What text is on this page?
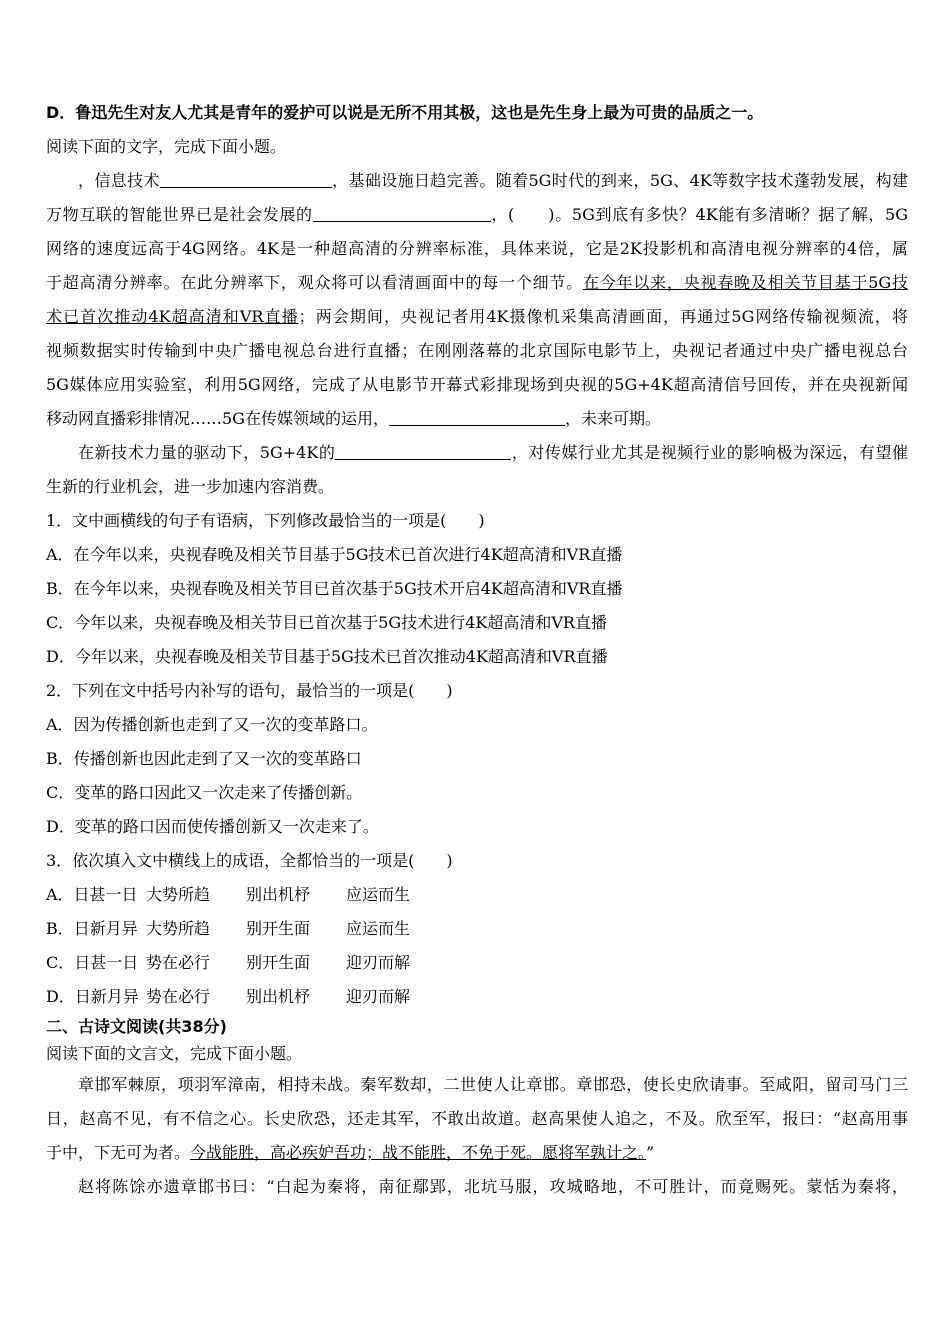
D．鲁迅先生对友人尤其是青年的爱护可以说是无所不用其极，这也是先生身上最为可贵的品质之一。
阅读下面的文字，完成下面小题。
，信息技术	，基础设施日趋完善。随着5G时代的到来，5G、4K等数字技术蓬勃发展，构建
万物互联的智能世界已是社会发展的	，(　　)。5G到底有多快？4K能有多清晰？据了解，5G
网络的速度远高于4G网络。4K是一种超高清的分辨率标准，具体来说，它是2K投影机和高清电视分辨率的4倍，属
于超高清分辨率。在此分辨率下，观众将可以看清画面中的每一个细节。在今年以来，央视春晚及相关节目基于5G技
术已首次推动4K超高清和VR直播；两会期间，央视记者用4K摄像机采集高清画面，再通过5G网络传输视频流，将
视频数据实时传输到中央广播电视总台进行直播；在刚刚落幕的北京国际电影节上，央视记者通过中央广播电视总台
5G媒体应用实验室，利用5G网络，完成了从电影节开幕式彩排现场到央视的5G+4K超高清信号回传，并在央视新闻
移动网直播彩排情况……5G在传媒领域的运用，	，未来可期。
在新技术力量的驱动下，5G+4K的	，对传媒行业尤其是视频行业的影响极为深远，有望催
生新的行业机会，进一步加速内容消费。
1．文中画横线的句子有语病，下列修改最恰当的一项是(　　)
A．在今年以来，央视春晚及相关节目基于5G技术已首次进行4K超高清和VR直播
B．在今年以来，央视春晚及相关节目已首次基于5G技术开启4K超高清和VR直播
C．今年以来，央视春晚及相关节目已首次基于5G技术进行4K超高清和VR直播
D．今年以来，央视春晚及相关节目基于5G技术已首次推动4K超高清和VR直播
2．下列在文中括号内补写的语句，最恰当的一项是(　　)
A．因为传播创新也走到了又一次的变革路口。
B．传播创新也因此走到了又一次的变革路口
C．变革的路口因此又一次走来了传播创新。
D．变革的路口因而使传播创新又一次走来了。
3．依次填入文中横线上的成语，全都恰当的一项是(　　)
A．日甚一日 大势所趋 别出机杼 应运而生
B．日新月异 大势所趋 别开生面 应运而生
C．日甚一日 势在必行 别开生面 迎刃而解
D．日新月异 势在必行 别出机杼 迎刃而解
二、古诗文阅读(共38分)
阅读下面的文言文，完成下面小题。
章邯军棘原，项羽军漳南，相持未战。秦军数却，二世使人让章邯。章邯恐，使长史欣请事。至咸阳，留司马门三
日，赵高不见，有不信之心。长史欣恐，还走其军，不敢出故道。赵高果使人追之，不及。欣至军，报曰：“赵高用事
于中，下无可为者。今战能胜，高必疾妒吾功；战不能胜，不免于死。愿将军孰计之。”
赵将陈馀亦遗章邯书曰：“白起为秦将，南征鄢郢，北坑马服，攻城略地，不可胜计，而竟赐死。蒙恬为秦将，
